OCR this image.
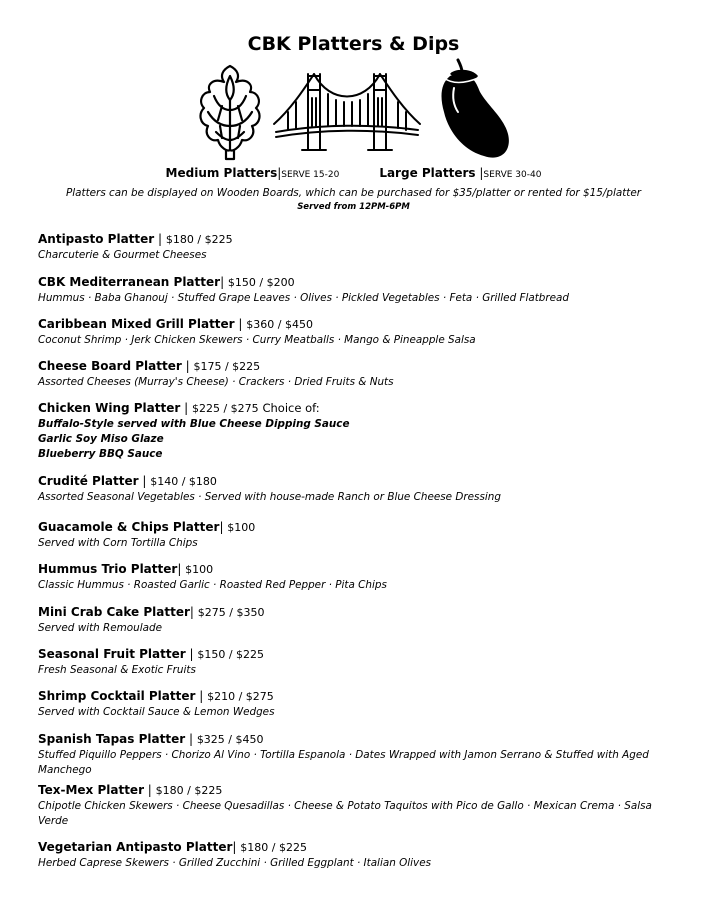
CBK Platters & Dips
Medium Platters|SERVE 15-20	Large Platters |SERVE 30-40
Platters can be displayed on Wooden Boards, which can be purchased for $35/platter or rented for $15/platter
Served from 12PM-6PM
Antipasto Platter | $180 / $225
Charcuterie & Gourmet Cheeses
CBK Mediterranean Platter| $150 / $200
Hummus · Baba Ghanouj · Stuffed Grape Leaves · Olives · Pickled Vegetables · Feta · Grilled Flatbread
Caribbean Mixed Grill Platter | $360 / $450
Coconut Shrimp · Jerk Chicken Skewers · Curry Meatballs · Mango & Pineapple Salsa
Cheese Board Platter | $175 / $225
Assorted Cheeses (Murray's Cheese) · Crackers · Dried Fruits & Nuts
Chicken Wing Platter | $225 / $275 Choice of:
Buffalo-Style served with Blue Cheese Dipping Sauce
Garlic Soy Miso Glaze
Blueberry BBQ Sauce
Crudité Platter | $140 / $180
Assorted Seasonal Vegetables · Served with house-made Ranch or Blue Cheese Dressing
Guacamole & Chips Platter| $100
Served with Corn Tortilla Chips
Hummus Trio Platter| $100
Classic Hummus · Roasted Garlic · Roasted Red Pepper · Pita Chips
Mini Crab Cake Platter| $275 / $350
Served with Remoulade
Seasonal Fruit Platter | $150 / $225
Fresh Seasonal & Exotic Fruits
Shrimp Cocktail Platter | $210 / $275
Served with Cocktail Sauce & Lemon Wedges
Spanish Tapas Platter | $325 / $450
Stuffed Piquillo Peppers · Chorizo Al Vino · Tortilla Espanola · Dates Wrapped with Jamon Serrano & Stuffed with Aged Manchego
Tex-Mex Platter | $180 / $225
Chipotle Chicken Skewers · Cheese Quesadillas · Cheese & Potato Taquitos with Pico de Gallo · Mexican Crema · Salsa Verde
Vegetarian Antipasto Platter| $180 / $225
Herbed Caprese Skewers · Grilled Zucchini · Grilled Eggplant · Italian Olives
